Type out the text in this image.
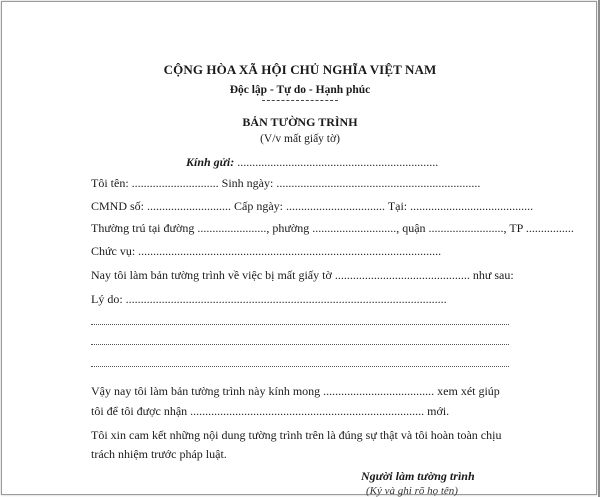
CỘNG HÒA XÃ HỘI CHỦ NGHĨA VIỆT NAM
Độc lập - Tự do - Hạnh phúc
BẢN TƯỜNG TRÌNH
(V/v mất giấy tờ)
Kính gửi: ...................................................................
Tôi tên: ............................. Sinh ngày: ....................................................................
CMND số: ............................ Cấp ngày: ................................. Tại: .........................................
Thường trú tại đường ......................., phường ............................, quận ........................., TP ................
Chức vụ: .....................................................................................................
Nay tôi làm bản tường trình về việc bị mất giấy tờ ............................................. như sau:
Lý do: ...........................................................................................................
Vậy nay tôi làm bản tường trình này kính mong ..................................... xem xét giúp
tôi để tôi được nhận .............................................................................. mới.
Tôi xin cam kết những nội dung tường trình trên là đúng sự thật và tôi hoàn toàn chịu
trách nhiệm trước pháp luật.
Người làm tường trình
(Ký và ghi rõ họ tên)
